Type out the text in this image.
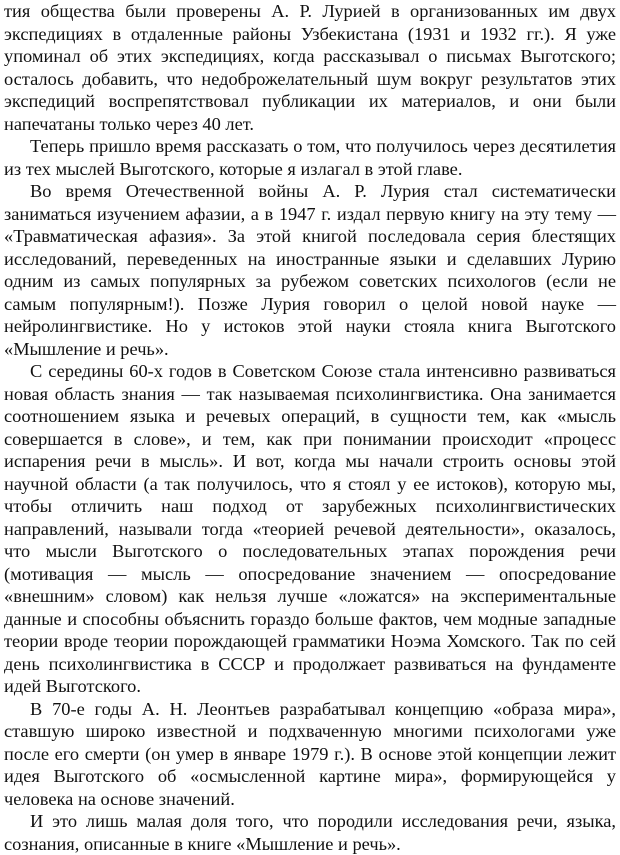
тия общества были проверены А. Р. Лурией в организованных им двух экспедициях в отдаленные районы Узбекистана (1931 и 1932 гг.). Я уже упоминал об этих экспедициях, когда рассказывал о письмах Выготского; осталось добавить, что недоброжелательный шум вокруг результатов этих экспедиций воспрепятствовал публикации их материалов, и они были напечатаны только через 40 лет.

Теперь пришло время рассказать о том, что получилось через десятилетия из тех мыслей Выготского, которые я излагал в этой главе.

Во время Отечественной войны А. Р. Лурия стал систематически заниматься изучением афазии, а в 1947 г. издал первую книгу на эту тему — «Травматическая афазия». За этой книгой последовала серия блестящих исследований, переведенных на иностранные языки и сделавших Лурию одним из самых популярных за рубежом советских психологов (если не самым популярным!). Позже Лурия говорил о целой новой науке — нейролингвистике. Но у истоков этой науки стояла книга Выготского «Мышление и речь».

С середины 60-х годов в Советском Союзе стала интенсивно развиваться новая область знания — так называемая психолингвистика. Она занимается соотношением языка и речевых операций, в сущности тем, как «мысль совершается в слове», и тем, как при понимании происходит «процесс испарения речи в мысль». И вот, когда мы начали строить основы этой научной области (а так получилось, что я стоял у ее истоков), которую мы, чтобы отличить наш подход от зарубежных психолингвистических направлений, называли тогда «теорией речевой деятельности», оказалось, что мысли Выготского о последовательных этапах порождения речи (мотивация — мысль — опосредование значением — опосредование «внешним» словом) как нельзя лучше «ложатся» на экспериментальные данные и способны объяснить гораздо больше фактов, чем модные западные теории вроде теории порождающей грамматики Ноэма Хомского. Так по сей день психолингвистика в СССР и продолжает развиваться на фундаменте идей Выготского.

В 70-е годы А. Н. Леонтьев разрабатывал концепцию «образа мира», ставшую широко известной и подхваченную многими психологами уже после его смерти (он умер в январе 1979 г.). В основе этой концепции лежит идея Выготского об «осмысленной картине мира», формирующейся у человека на основе значений.

И это лишь малая доля того, что породили исследования речи, языка, сознания, описанные в книге «Мышление и речь».
